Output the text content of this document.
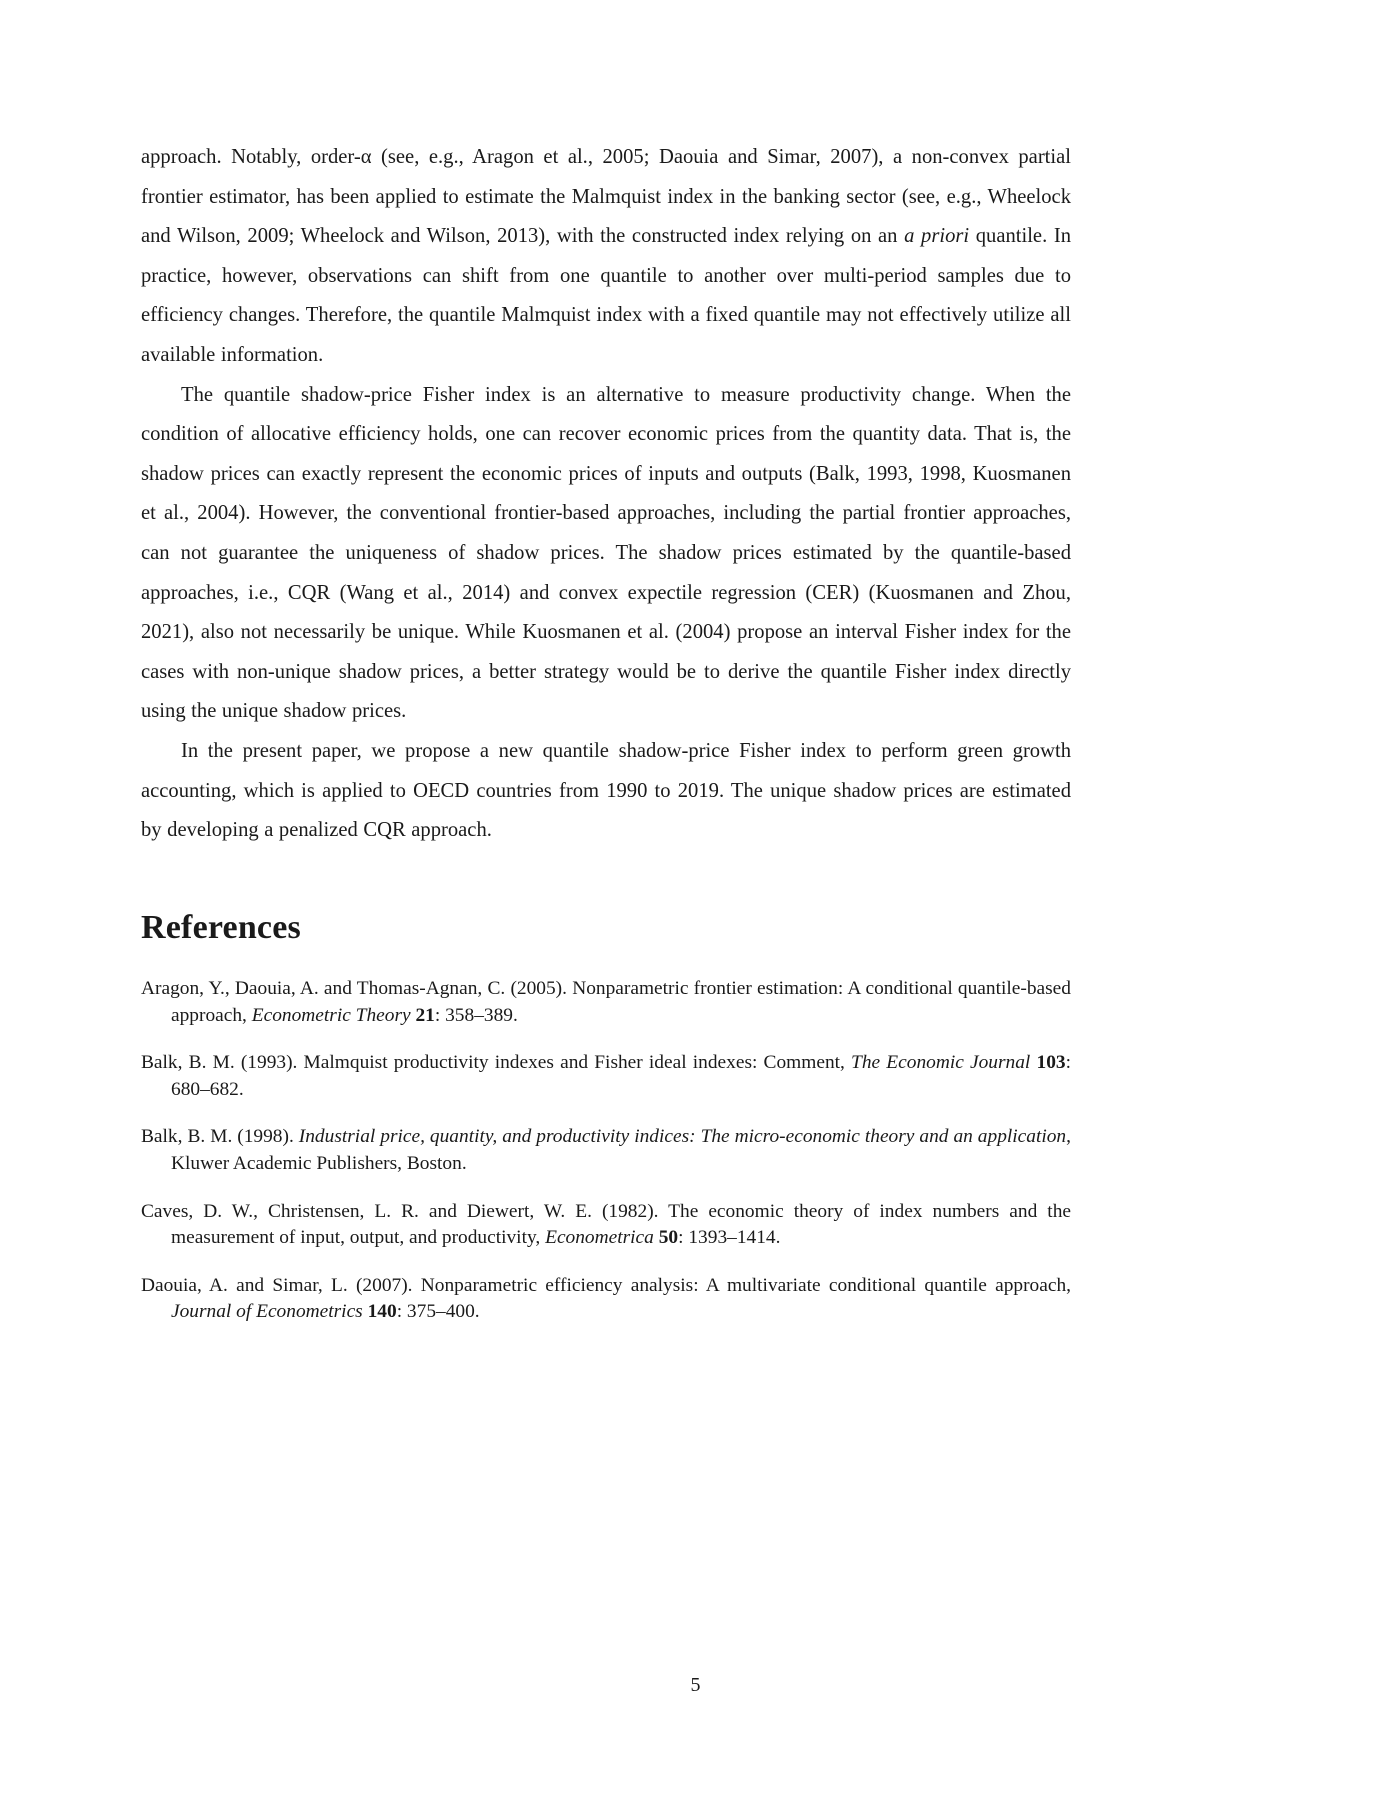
approach. Notably, order-α (see, e.g., Aragon et al., 2005; Daouia and Simar, 2007), a non-convex partial frontier estimator, has been applied to estimate the Malmquist index in the banking sector (see, e.g., Wheelock and Wilson, 2009; Wheelock and Wilson, 2013), with the constructed index relying on an a priori quantile. In practice, however, observations can shift from one quantile to another over multi-period samples due to efficiency changes. Therefore, the quantile Malmquist index with a fixed quantile may not effectively utilize all available information.

The quantile shadow-price Fisher index is an alternative to measure productivity change. When the condition of allocative efficiency holds, one can recover economic prices from the quantity data. That is, the shadow prices can exactly represent the economic prices of inputs and outputs (Balk, 1993, 1998, Kuosmanen et al., 2004). However, the conventional frontier-based approaches, including the partial frontier approaches, can not guarantee the uniqueness of shadow prices. The shadow prices estimated by the quantile-based approaches, i.e., CQR (Wang et al., 2014) and convex expectile regression (CER) (Kuosmanen and Zhou, 2021), also not necessarily be unique. While Kuosmanen et al. (2004) propose an interval Fisher index for the cases with non-unique shadow prices, a better strategy would be to derive the quantile Fisher index directly using the unique shadow prices.

In the present paper, we propose a new quantile shadow-price Fisher index to perform green growth accounting, which is applied to OECD countries from 1990 to 2019. The unique shadow prices are estimated by developing a penalized CQR approach.

References
Aragon, Y., Daouia, A. and Thomas-Agnan, C. (2005). Nonparametric frontier estimation: A conditional quantile-based approach, Econometric Theory 21: 358–389.
Balk, B. M. (1993). Malmquist productivity indexes and Fisher ideal indexes: Comment, The Economic Journal 103: 680–682.
Balk, B. M. (1998). Industrial price, quantity, and productivity indices: The micro-economic theory and an application, Kluwer Academic Publishers, Boston.
Caves, D. W., Christensen, L. R. and Diewert, W. E. (1982). The economic theory of index numbers and the measurement of input, output, and productivity, Econometrica 50: 1393–1414.
Daouia, A. and Simar, L. (2007). Nonparametric efficiency analysis: A multivariate conditional quantile approach, Journal of Econometrics 140: 375–400.
5
